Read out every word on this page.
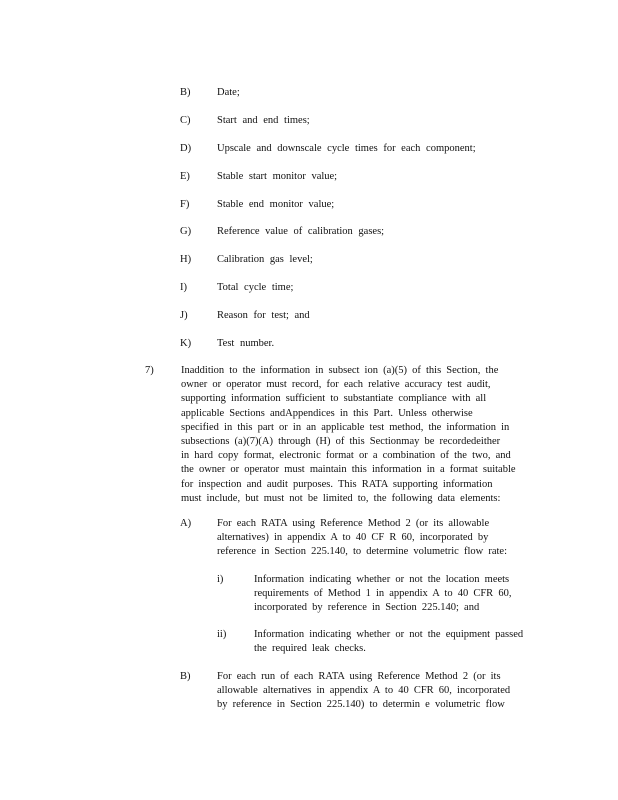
B)	Date;
C)	Start and end times;
D) Upscale and downscale cycle times for each component;
E)	Stable start monitor value;
F)	Stable end monitor value;
G) Reference value of calibration gases;
H) Calibration gas level;
I)	Total cycle time;
J)	Reason for test; and
K) Test number.
7)	Inaddition to the information in subsect ion (a)(5) of this Section, the
owner or operator must record, for each relative accuracy test audit,
supporting information sufficient to substantiate compliance with all
applicable Sections andAppendices in this Part. Unless otherwise
specified in this part or in an applicable test method, the information in
subsections (a)(7)(A) through (H) of this Sectionmay be recordedeither
in hard copy format, electronic format or a combination of the two, and
the owner or operator must maintain this information in a format suitable
for inspection and audit purposes. This RATA supporting information
must include, but must not be limited to, the following data elements:
A) For each RATA using Reference Method 2 (or its allowable
alternatives) in appendix A to 40 CF R 60, incorporated by
reference in Section 225.140, to determine volumetric flow rate:
i)	Information indicating whether or not the location meets
requirements of Method 1 in appendix A to 40 CFR 60,
incorporated by reference in Section 225.140; and
ii)	Information indicating whether or not the equipment passed
the required leak checks.
B)	For each run of each RATA using Reference Method 2 (or its
allowable alternatives in appendix A to 40 CFR 60, incorporated
by reference in Section 225.140) to determin e volumetric flow
